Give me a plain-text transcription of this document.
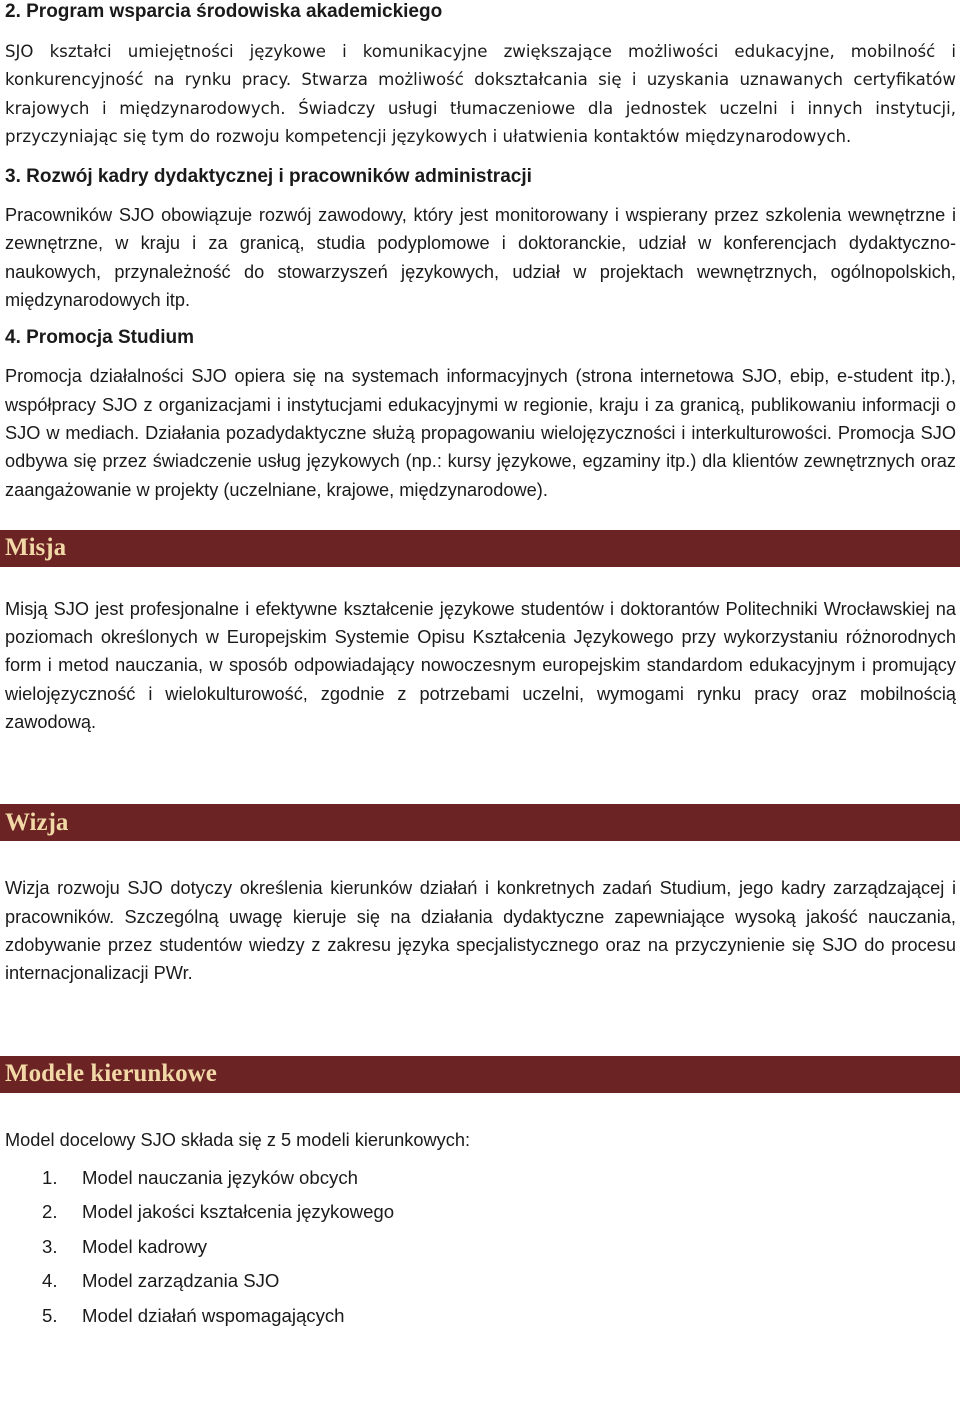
2. Program wsparcia środowiska akademickiego

SJO kształci umiejętności językowe i komunikacyjne zwiększające możliwości edukacyjne, mobilność i konkurencyjność na rynku pracy. Stwarza możliwość dokształcania się i uzyskania uznawanych certyfikatów krajowych i międzynarodowych. Świadczy usługi tłumaczeniowe dla jednostek uczelni i innych instytucji, przyczyniając się tym do rozwoju kompetencji językowych i ułatwienia kontaktów międzynarodowych.

3. Rozwój kadry dydaktycznej i pracowników administracji

Pracowników SJO obowiązuje rozwój zawodowy, który jest monitorowany i wspierany przez szkolenia wewnętrzne i zewnętrzne, w kraju i za granicą, studia podyplomowe i doktoranckie, udział w konferencjach dydaktyczno-naukowych, przynależność do stowarzyszeń językowych, udział w projektach wewnętrznych, ogólnopolskich, międzynarodowych itp.

4. Promocja Studium

Promocja działalności SJO opiera się na systemach informacyjnych (strona internetowa SJO, ebip, e-student itp.), współpracy SJO z organizacjami i instytucjami edukacyjnymi w regionie, kraju i za granicą, publikowaniu informacji o SJO w mediach. Działania pozadydaktyczne służą propagowaniu wielojęzyczności i interkulturowości. Promocja SJO odbywa się przez świadczenie usług językowych (np.: kursy językowe, egzaminy itp.) dla klientów zewnętrznych oraz zaangażowanie w projekty (uczelniane, krajowe, międzynarodowe).

Misja

Misją SJO jest profesjonalne i efektywne kształcenie językowe studentów i doktorantów Politechniki Wrocławskiej na poziomach określonych w Europejskim Systemie Opisu Kształcenia Językowego przy wykorzystaniu różnorodnych form i metod nauczania, w sposób odpowiadający nowoczesnym europejskim standardom edukacyjnym i promujący wielojęzyczność i wielokulturowość, zgodnie z potrzebami uczelni, wymogami rynku pracy oraz mobilnością zawodową.

Wizja

Wizja rozwoju SJO dotyczy określenia kierunków działań i konkretnych zadań Studium, jego kadry zarządzającej i pracowników. Szczególną uwagę kieruje się na działania dydaktyczne zapewniające wysoką jakość nauczania, zdobywanie przez studentów wiedzy z zakresu języka specjalistycznego oraz na przyczynienie się SJO do procesu internacjonalizacji PWr.

Modele kierunkowe

Model docelowy SJO składa się z 5 modeli kierunkowych:

1.	Model nauczania języków obcych
2.	Model jakości kształcenia językowego
3.	Model kadrowy
4.	Model zarządzania SJO
5.	Model działań wspomagających
